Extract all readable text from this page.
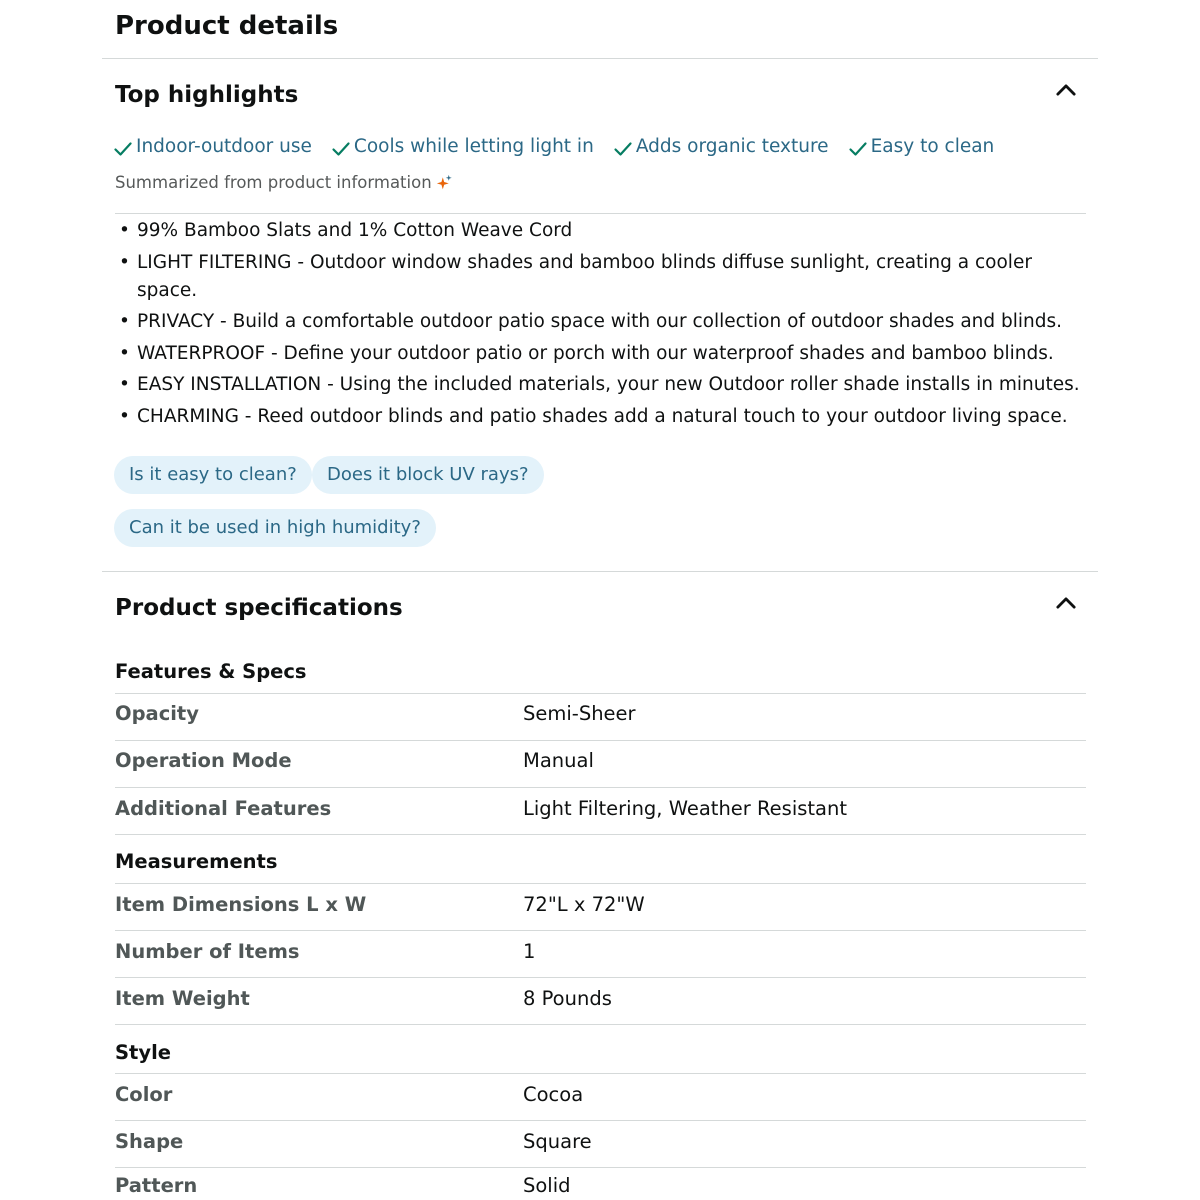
Product details
Top highlights
Indoor-outdoor use Cools while letting light in Adds organic texture Easy to clean
Summarized from product information
• 99% Bamboo Slats and 1% Cotton Weave Cord
• LIGHT FILTERING - Outdoor window shades and bamboo blinds diffuse sunlight, creating a cooler space.
• PRIVACY - Build a comfortable outdoor patio space with our collection of outdoor shades and blinds.
• WATERPROOF - Define your outdoor patio or porch with our waterproof shades and bamboo blinds.
• EASY INSTALLATION - Using the included materials, your new Outdoor roller shade installs in minutes.
• CHARMING - Reed outdoor blinds and patio shades add a natural touch to your outdoor living space.
Is it easy to clean?	Does it block UV rays?
Can it be used in high humidity?
Product specifications
Features & Specs
Opacity	Semi-Sheer
Operation Mode	Manual
Additional Features	Light Filtering, Weather Resistant
Measurements
Item Dimensions L x W	72"L x 72"W
Number of Items	1
Item Weight	8 Pounds
Style
Color	Cocoa
Shape	Square
Pattern	Solid
